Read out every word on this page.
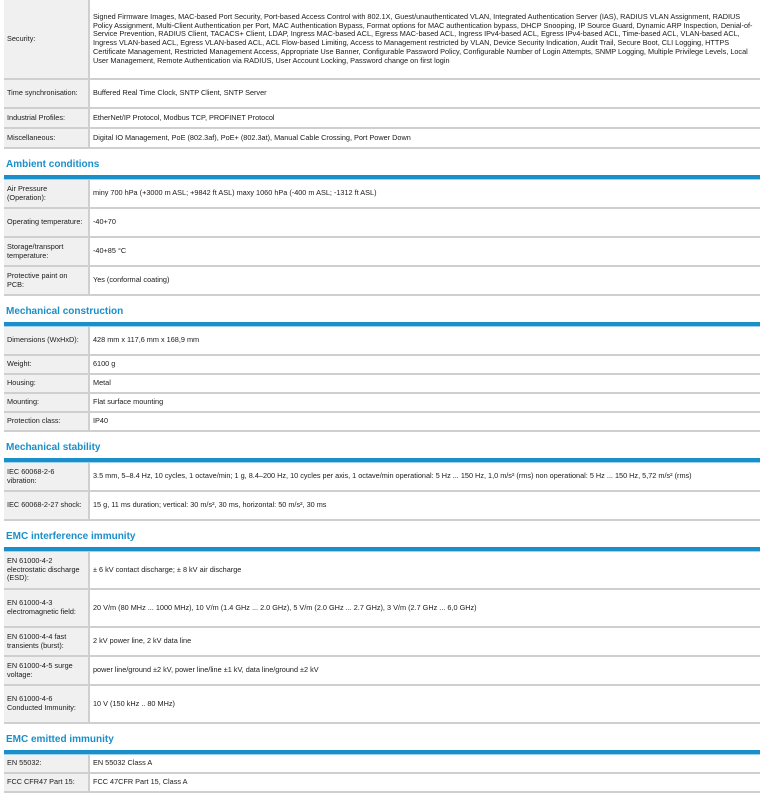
Security:	Signed Firmware Images, MAC-based Port Security, Port-based Access Control with 802.1X, Guest/unauthenticated VLAN, Integrated Authentication Server (IAS), RADIUS VLAN Assignment, RADIUS Policy Assignment, Multi-Client Authentication per Port, MAC Authentication Bypass, Format options for MAC authentication bypass, DHCP Snooping, IP Source Guard, Dynamic ARP Inspection, Denial-of-Service Prevention, RADIUS Client, TACACS+ Client, LDAP, Ingress MAC-based ACL, Egress MAC-based ACL, Ingress IPv4-based ACL, Egress IPv4-based ACL, Time-based ACL, VLAN-based ACL, Ingress VLAN-based ACL, Egress VLAN-based ACL, ACL Flow-based Limiting, Access to Management restricted by VLAN, Device Security Indication, Audit Trail, Secure Boot, CLI Logging, HTTPS Certificate Management, Restricted Management Access, Appropriate Use Banner, Configurable Password Policy, Configurable Number of Login Attempts, SNMP Logging, Multiple Privilege Levels, Local User Management, Remote Authentication via RADIUS, User Account Locking, Password change on first login
Time synchronisation:	Buffered Real Time Clock, SNTP Client, SNTP Server
Industrial Profiles:	EtherNet/IP Protocol, Modbus TCP, PROFINET Protocol
Miscellaneous:	Digital IO Management, PoE (802.3af), PoE+ (802.3at), Manual Cable Crossing, Port Power Down
Ambient conditions
Air Pressure (Operation):	miny 700 hPa (+3000 m ASL; +9842 ft ASL) maxy 1060 hPa (-400 m ASL; -1312 ft ASL)
Operating temperature:	-40+70
Storage/transport temperature:	-40+85 °C
Protective paint on PCB:	Yes (conformal coating)
Mechanical construction
Dimensions (WxHxD):	428 mm x 117,6 mm x 168,9 mm
Weight:	6100 g
Housing:	Metal
Mounting:	Flat surface mounting
Protection class:	IP40
Mechanical stability
IEC 60068-2-6 vibration:	3.5 mm, 5–8.4 Hz, 10 cycles, 1 octave/min; 1 g, 8.4–200 Hz, 10 cycles per axis, 1 octave/min operational: 5 Hz ... 150 Hz, 1,0 m/s² (rms) non operational: 5 Hz ... 150 Hz, 5,72 m/s² (rms)
IEC 60068-2-27 shock:	15 g, 11 ms duration; vertical: 30 m/s², 30 ms, horizontal: 50 m/s², 30 ms
EMC interference immunity
EN 61000-4-2 electrostatic discharge (ESD):	± 6 kV contact discharge; ± 8 kV air discharge
EN 61000-4-3 electromagnetic field:	20 V/m (80 MHz ... 1000 MHz), 10 V/m (1.4 GHz ... 2.0 GHz), 5 V/m (2.0 GHz ... 2.7 GHz), 3 V/m (2.7 GHz ... 6,0 GHz)
EN 61000-4-4 fast transients (burst):	2 kV power line, 2 kV data line
EN 61000-4-5 surge voltage:	power line/ground ±2 kV, power line/line ±1 kV, data line/ground ±2 kV
EN 61000-4-6 Conducted Immunity:	10 V (150 kHz .. 80 MHz)
EMC emitted immunity
EN 55032:	EN 55032 Class A
FCC CFR47 Part 15:	FCC 47CFR Part 15, Class A
